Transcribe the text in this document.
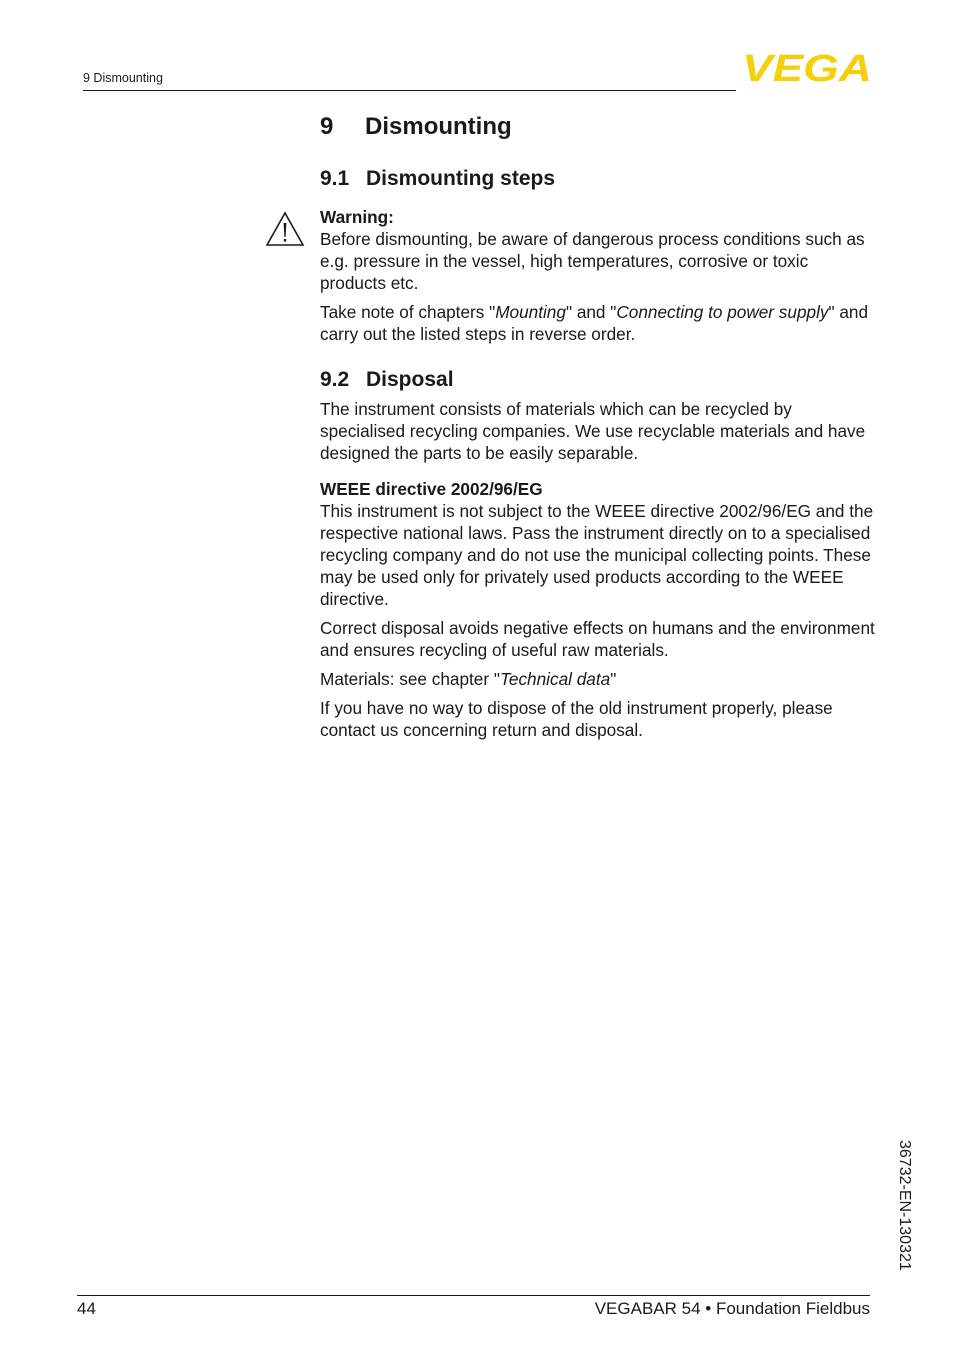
9 Dismounting	VEGA
9 Dismounting
9.1 Dismounting steps

Warning:

Before dismounting, be aware of dangerous process conditions such as e.g. pressure in the vessel, high temperatures, corrosive or toxic products etc.

Take note of chapters "Mounting" and "Connecting to power supply" and carry out the listed steps in reverse order.

9.2 Disposal

The instrument consists of materials which can be recycled by specialised recycling companies. We use recyclable materials and have designed the parts to be easily separable.

WEEE directive 2002/96/EG

This instrument is not subject to the WEEE directive 2002/96/EG and the respective national laws. Pass the instrument directly on to a specialised recycling company and do not use the municipal collecting points. These may be used only for privately used products according to the WEEE directive.

Correct disposal avoids negative effects on humans and the environment and ensures recycling of useful raw materials.

Materials: see chapter "Technical data"

If you have no way to dispose of the old instrument properly, please contact us concerning return and disposal.

36732-EN-130321
44	VEGABAR 54 • Foundation Fieldbus
